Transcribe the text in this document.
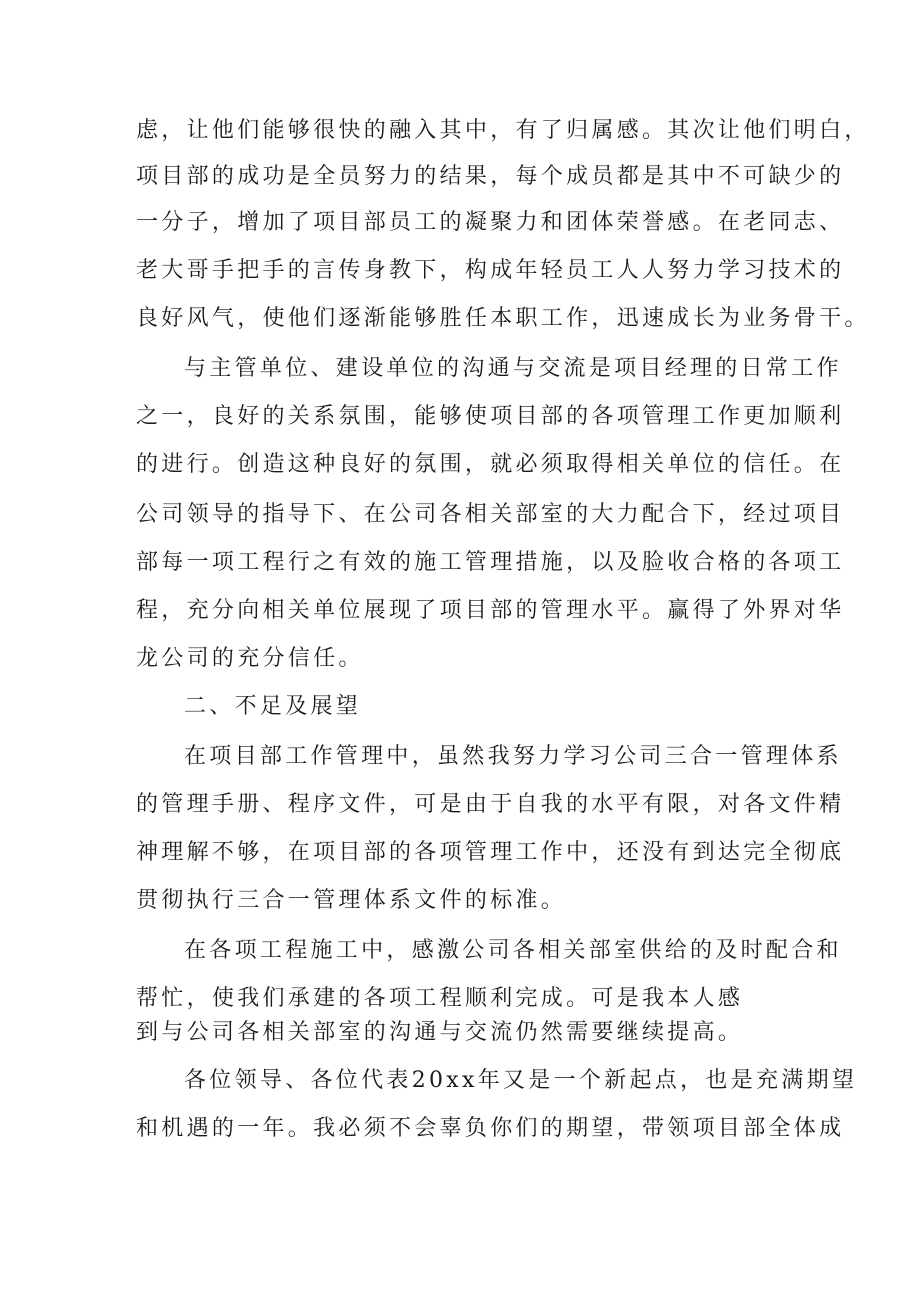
虑，让他们能够很快的融入其中，有了归属感。其次让他们明白，
项目部的成功是全员努力的结果，每个成员都是其中不可缺少的
一分子，增加了项目部员工的凝聚力和团体荣誉感。在老同志、
老大哥手把手的言传身教下，构成年轻员工人人努力学习技术的
良好风气，使他们逐渐能够胜任本职工作，迅速成长为业务骨干。
与主管单位、建设单位的沟通与交流是项目经理的日常工作
之一，良好的关系氛围，能够使项目部的各项管理工作更加顺利
的进行。创造这种良好的氛围，就必须取得相关单位的信任。在
公司领导的指导下、在公司各相关部室的大力配合下，经过项目
部每一项工程行之有效的施工管理措施，以及脸收合格的各项工
程，充分向相关单位展现了项目部的管理水平。赢得了外界对华
龙公司的充分信任。
二、不足及展望
在项目部工作管理中，虽然我努力学习公司三合一管理体系
的管理手册、程序文件，可是由于自我的水平有限，对各文件精
神理解不够，在项目部的各项管理工作中，还没有到达完全彻底
贯彻执行三合一管理体系文件的标准。
在各项工程施工中，感激公司各相关部室供给的及时配合和
帮忙，使我们承建的各项工程顺利完成。可是我本人感
到与公司各相关部室的沟通与交流仍然需要继续提高。
各位领导、各位代表20xx年又是一个新起点，也是充满期望
和机遇的一年。我必须不会辜负你们的期望，带领项目部全体成
